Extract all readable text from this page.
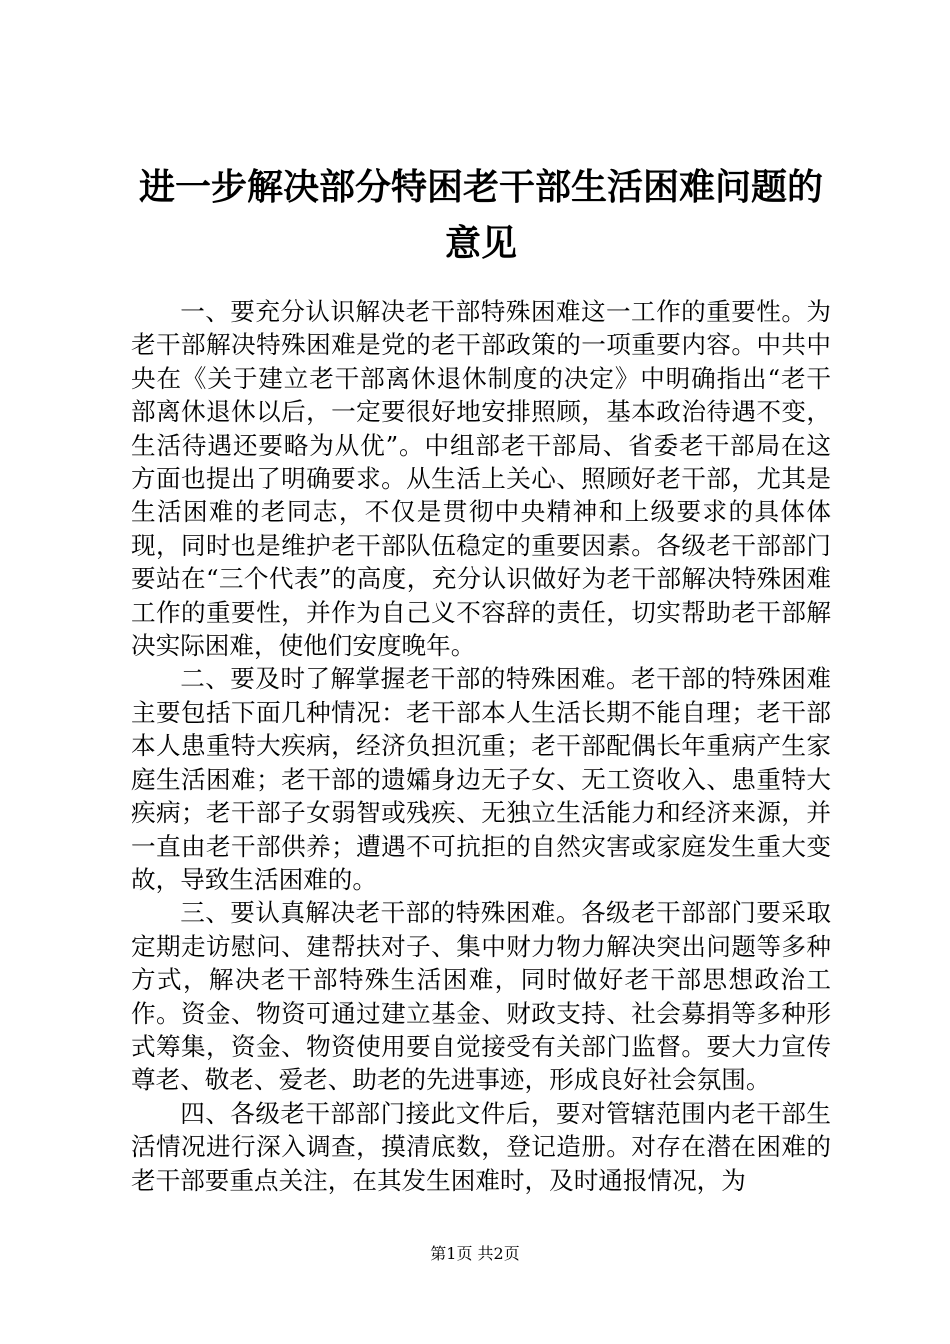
进一步解决部分特困老干部生活困难问题的意见

一、要充分认识解决老干部特殊困难这一工作的重要性。为老干部解决特殊困难是党的老干部政策的一项重要内容。中共中央在《关于建立老干部离休退休制度的决定》中明确指出“老干部离休退休以后，一定要很好地安排照顾，基本政治待遇不变，生活待遇还要略为从优”。中组部老干部局、省委老干部局在这方面也提出了明确要求。从生活上关心、照顾好老干部，尤其是生活困难的老同志，不仅是贯彻中央精神和上级要求的具体体现，同时也是维护老干部队伍稳定的重要因素。各级老干部部门要站在“三个代表”的高度，充分认识做好为老干部解决特殊困难工作的重要性，并作为自己义不容辞的责任，切实帮助老干部解决实际困难，使他们安度晚年。

二、要及时了解掌握老干部的特殊困难。老干部的特殊困难主要包括下面几种情况：老干部本人生活长期不能自理；老干部本人患重特大疾病，经济负担沉重；老干部配偶长年重病产生家庭生活困难；老干部的遗孀身边无子女、无工资收入、患重特大疾病；老干部子女弱智或残疾、无独立生活能力和经济来源，并一直由老干部供养；遭遇不可抗拒的自然灾害或家庭发生重大变故，导致生活困难的。

三、要认真解决老干部的特殊困难。各级老干部部门要采取定期走访慰问、建帮扶对子、集中财力物力解决突出问题等多种方式，解决老干部特殊生活困难，同时做好老干部思想政治工作。资金、物资可通过建立基金、财政支持、社会募捐等多种形式筹集，资金、物资使用要自觉接受有关部门监督。要大力宣传尊老、敬老、爱老、助老的先进事迹，形成良好社会氛围。

四、各级老干部部门接此文件后，要对管辖范围内老干部生活情况进行深入调查，摸清底数，登记造册。对存在潜在困难的老干部要重点关注，在其发生困难时，及时通报情况，为

第1页 共2页
